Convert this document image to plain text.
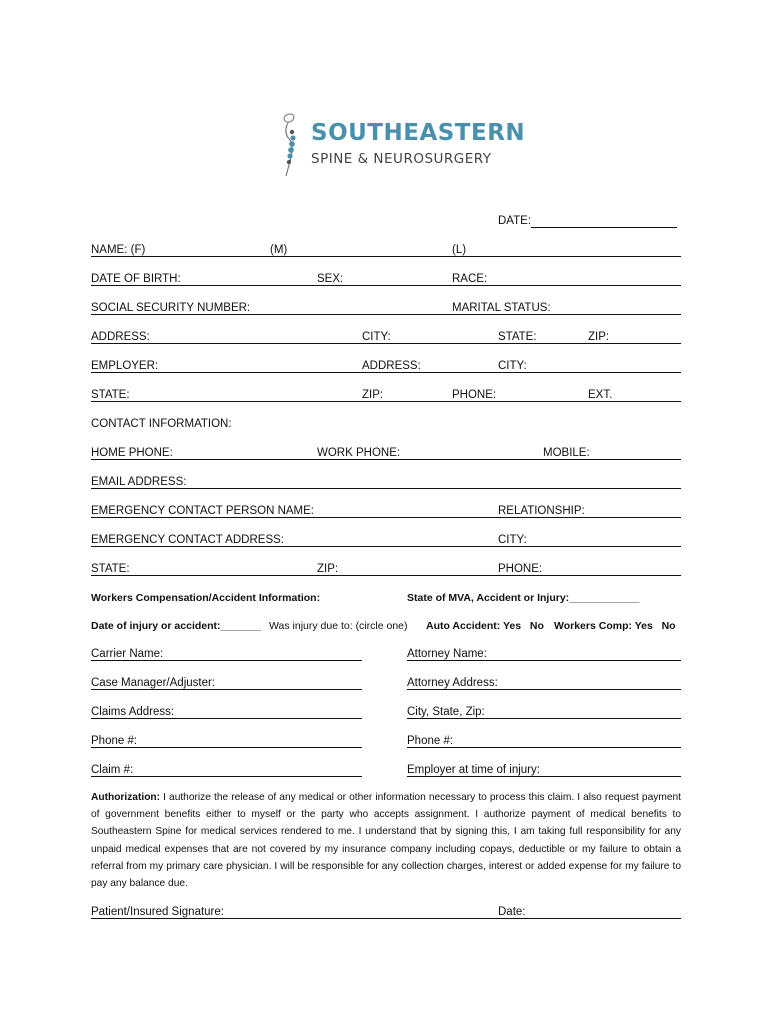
SOUTHEASTERN
SPINE & NEUROSURGERY
DATE:
NAME: (F)	(M)	(L)
DATE OF BIRTH:	SEX:	RACE:
SOCIAL SECURITY NUMBER:	MARITAL STATUS:
ADDRESS:	CITY:	STATE:	ZIP:
EMPLOYER:	ADDRESS:	CITY:
STATE:	ZIP:	PHONE:	EXT.
CONTACT INFORMATION:
HOME PHONE:	WORK PHONE:	MOBILE:
EMAIL ADDRESS:
EMERGENCY CONTACT PERSON NAME:	RELATIONSHIP:
EMERGENCY CONTACT ADDRESS:	CITY:
STATE:	ZIP:	PHONE:
Workers Compensation/Accident Information:	State of MVA, Accident or Injury:____________
Date of injury or accident:_______ Was injury due to: (circle one) Auto Accident: Yes   No Workers Comp: Yes   No
Carrier Name:	Attorney Name:
Case Manager/Adjuster:	Attorney Address:
Claims Address:	City, State, Zip:
Phone #:	Phone #:
Claim #:	Employer at time of injury:
Authorization: I authorize the release of any medical or other information necessary to process this claim. I also request payment of government benefits either to myself or the party who accepts assignment. I authorize payment of medical benefits to Southeastern Spine for medical services rendered to me. I understand that by signing this, I am taking full responsibility for any unpaid medical expenses that are not covered by my insurance company including copays, deductible or my failure to obtain a referral from my primary care physician. I will be responsible for any collection charges, interest or added expense for my failure to pay any balance due.
Patient/Insured Signature:	Date:
